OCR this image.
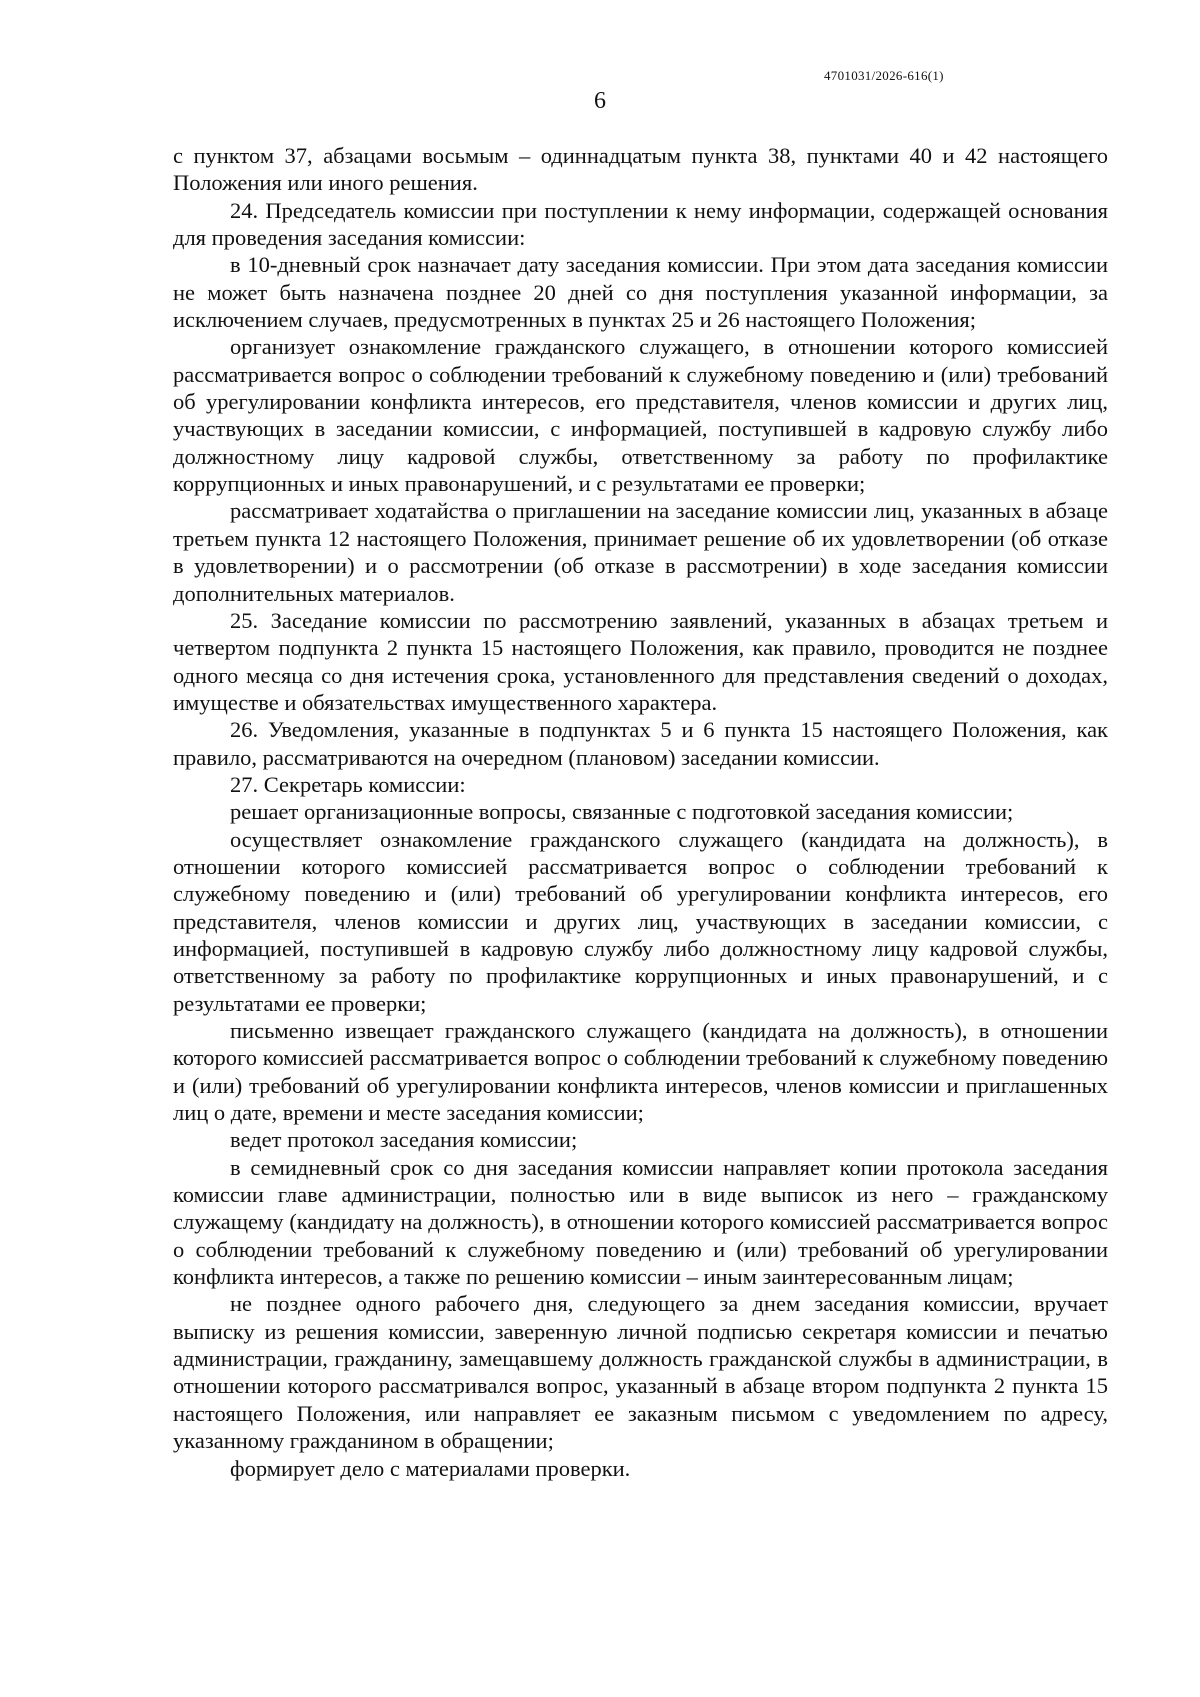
4701031/2026-616(1)
6

с пунктом 37, абзацами восьмым – одиннадцатым пункта 38, пунктами 40 и 42 настоящего Положения или иного решения.

24. Председатель комиссии при поступлении к нему информации, содержащей основания для проведения заседания комиссии:

в 10-дневный срок назначает дату заседания комиссии. При этом дата заседания комиссии не может быть назначена позднее 20 дней со дня поступления указанной информации, за исключением случаев, предусмотренных в пунктах 25 и 26 настоящего Положения;

организует ознакомление гражданского служащего, в отношении которого комиссией рассматривается вопрос о соблюдении требований к служебному поведению и (или) требований об урегулировании конфликта интересов, его представителя, членов комиссии и других лиц, участвующих в заседании комиссии, с информацией, поступившей в кадровую службу либо должностному лицу кадровой службы, ответственному за работу по профилактике коррупционных и иных правонарушений, и с результатами ее проверки;

рассматривает ходатайства о приглашении на заседание комиссии лиц, указанных в абзаце третьем пункта 12 настоящего Положения, принимает решение об их удовлетворении (об отказе в удовлетворении) и о рассмотрении (об отказе в рассмотрении) в ходе заседания комиссии дополнительных материалов.

25. Заседание комиссии по рассмотрению заявлений, указанных в абзацах третьем и четвертом подпункта 2 пункта 15 настоящего Положения, как правило, проводится не позднее одного месяца со дня истечения срока, установленного для представления сведений о доходах, имуществе и обязательствах имущественного характера.

26. Уведомления, указанные в подпунктах 5 и 6 пункта 15 настоящего Положения, как правило, рассматриваются на очередном (плановом) заседании комиссии.

27. Секретарь комиссии:

решает организационные вопросы, связанные с подготовкой заседания комиссии;

осуществляет ознакомление гражданского служащего (кандидата на должность), в отношении которого комиссией рассматривается вопрос о соблюдении требований к служебному поведению и (или) требований об урегулировании конфликта интересов, его представителя, членов комиссии и других лиц, участвующих в заседании комиссии, с информацией, поступившей в кадровую службу либо должностному лицу кадровой службы, ответственному за работу по профилактике коррупционных и иных правонарушений, и с результатами ее проверки;

письменно извещает гражданского служащего (кандидата на должность), в отношении которого комиссией рассматривается вопрос о соблюдении требований к служебному поведению и (или) требований об урегулировании конфликта интересов, членов комиссии и приглашенных лиц о дате, времени и месте заседания комиссии;

ведет протокол заседания комиссии;

в семидневный срок со дня заседания комиссии направляет копии протокола заседания комиссии главе администрации, полностью или в виде выписок из него – гражданскому служащему (кандидату на должность), в отношении которого комиссией рассматривается вопрос о соблюдении требований к служебному поведению и (или) требований об урегулировании конфликта интересов, а также по решению комиссии – иным заинтересованным лицам;

не позднее одного рабочего дня, следующего за днем заседания комиссии, вручает выписку из решения комиссии, заверенную личной подписью секретаря комиссии и печатью администрации, гражданину, замещавшему должность гражданской службы в администрации, в отношении которого рассматривался вопрос, указанный в абзаце втором подпункта 2 пункта 15 настоящего Положения, или направляет ее заказным письмом с уведомлением по адресу, указанному гражданином в обращении;

формирует дело с материалами проверки.
